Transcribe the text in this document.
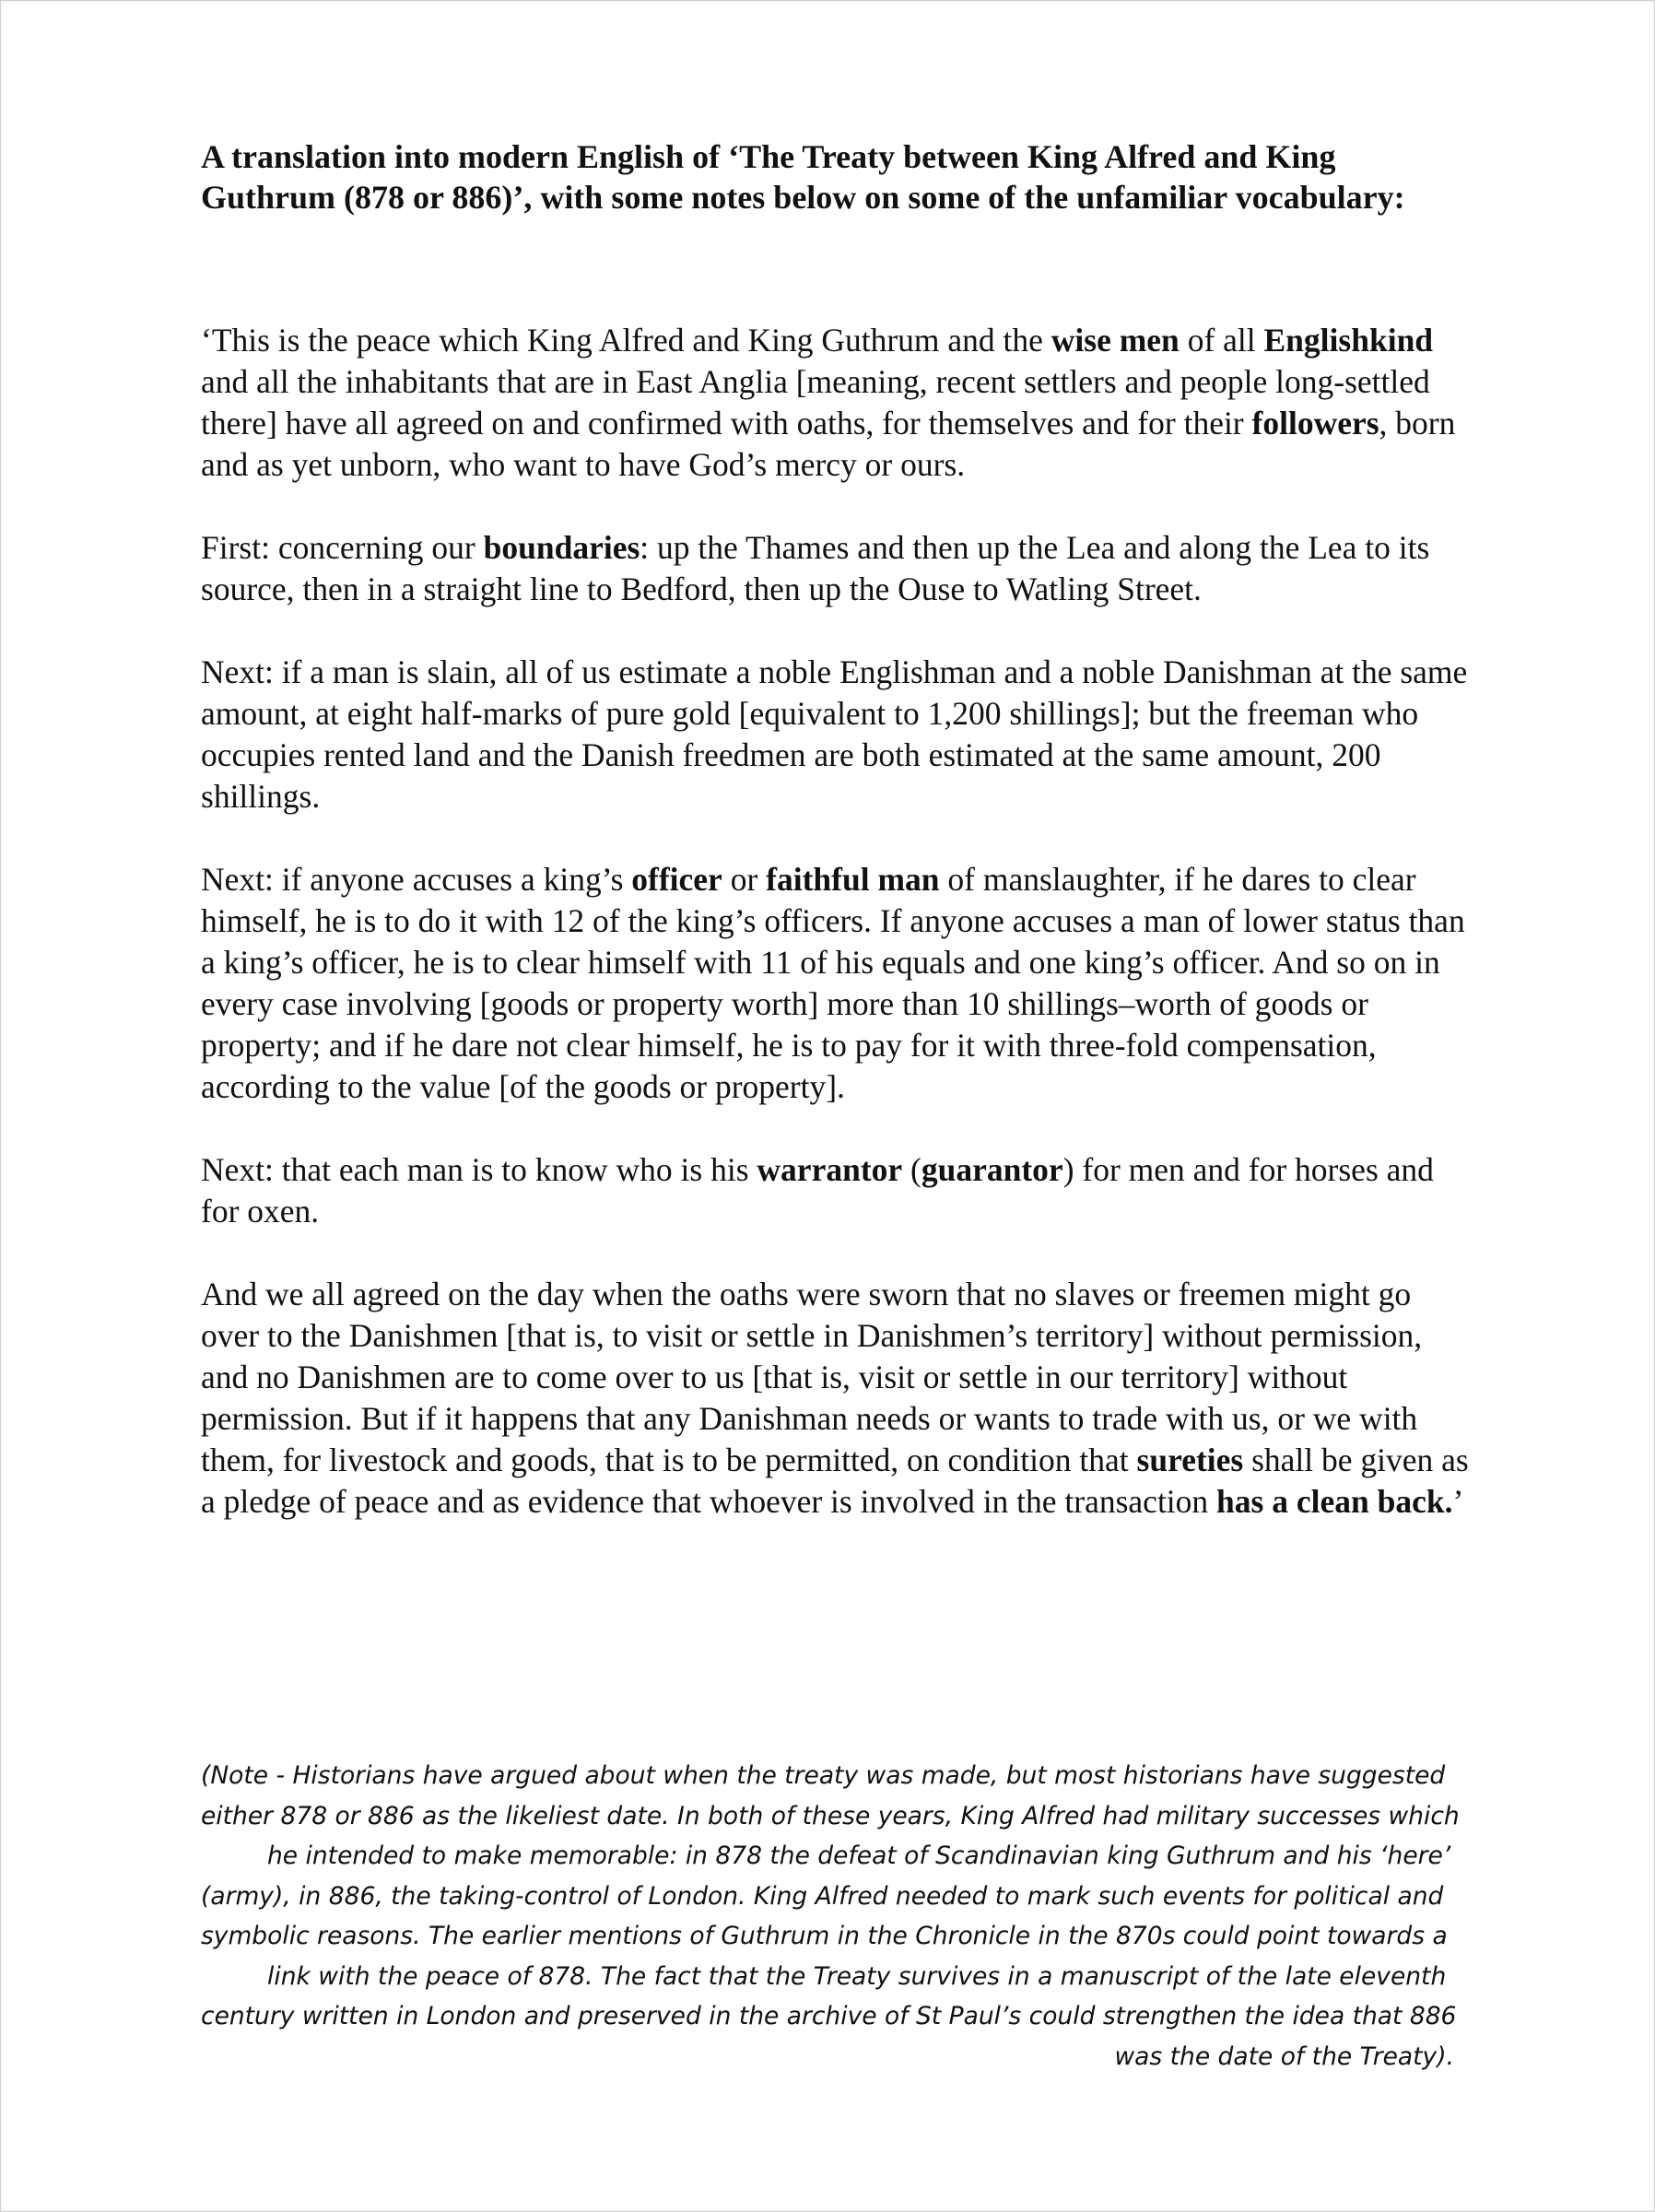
A translation into modern English of ‘The Treaty between King Alfred and King Guthrum (878 or 886)’, with some notes below on some of the unfamiliar vocabulary:

‘This is the peace which King Alfred and King Guthrum and the wise men of all Englishkind and all the inhabitants that are in East Anglia [meaning, recent settlers and people long-settled there] have all agreed on and confirmed with oaths, for themselves and for their followers, born and as yet unborn, who want to have God’s mercy or ours.

First: concerning our boundaries: up the Thames and then up the Lea and along the Lea to its source, then in a straight line to Bedford, then up the Ouse to Watling Street.

Next: if a man is slain, all of us estimate a noble Englishman and a noble Danishman at the same amount, at eight half-marks of pure gold [equivalent to 1,200 shillings]; but the freeman who occupies rented land and the Danish freedmen are both estimated at the same amount, 200 shillings.

Next: if anyone accuses a king’s officer or faithful man of manslaughter, if he dares to clear himself, he is to do it with 12 of the king’s officers. If anyone accuses a man of lower status than a king’s officer, he is to clear himself with 11 of his equals and one king’s officer. And so on in every case involving [goods or property worth] more than 10 shillings–worth of goods or property; and if he dare not clear himself, he is to pay for it with three-fold compensation, according to the value [of the goods or property].

Next: that each man is to know who is his warrantor (guarantor) for men and for horses and for oxen.

And we all agreed on the day when the oaths were sworn that no slaves or freemen might go over to the Danishmen [that is, to visit or settle in Danishmen’s territory] without permission, and no Danishmen are to come over to us [that is, visit or settle in our territory] without permission. But if it happens that any Danishman needs or wants to trade with us, or we with them, for livestock and goods, that is to be permitted, on condition that sureties shall be given as a pledge of peace and as evidence that whoever is involved in the transaction has a clean back.’

(Note - Historians have argued about when the treaty was made, but most historians have suggested
either 878 or 886 as the likeliest date. In both of these years, King Alfred had military successes which
he intended to make memorable: in 878 the defeat of Scandinavian king Guthrum and his ‘here’
(army), in 886, the taking-control of London. King Alfred needed to mark such events for political and
symbolic reasons. The earlier mentions of Guthrum in the Chronicle in the 870s could point towards a
link with the peace of 878. The fact that the Treaty survives in a manuscript of the late eleventh
century written in London and preserved in the archive of St Paul’s could strengthen the idea that 886
was the date of the Treaty).
